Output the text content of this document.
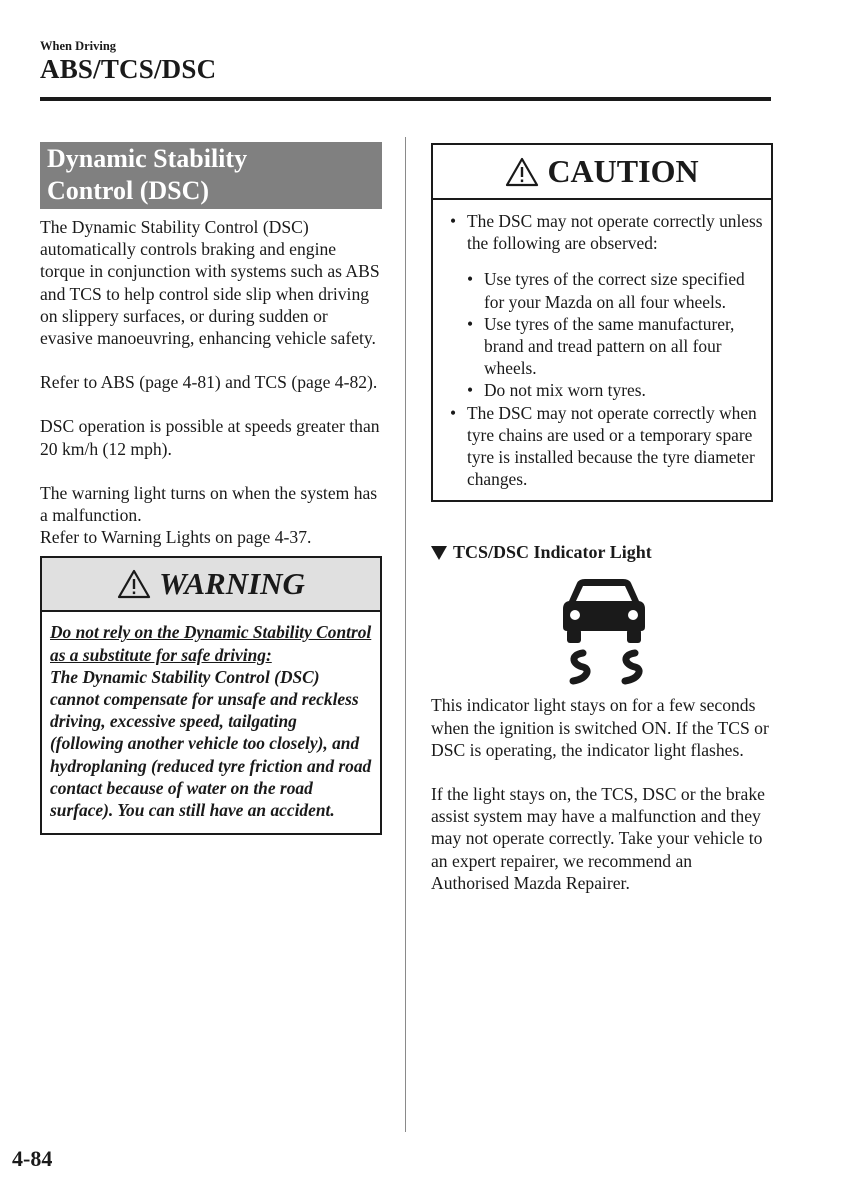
When Driving
ABS/TCS/DSC
Dynamic Stability
Control (DSC)

The Dynamic Stability Control (DSC) automatically controls braking and engine torque in conjunction with systems such as ABS and TCS to help control side slip when driving on slippery surfaces, or during sudden or evasive manoeuvring, enhancing vehicle safety.

Refer to ABS (page 4-81) and TCS (page 4-82).

DSC operation is possible at speeds greater than 20 km/h (12 mph).

The warning light turns on when the system has a malfunction.

Refer to Warning Lights on page 4-37.

WARNING
Do not rely on the Dynamic Stability Control as a substitute for safe driving:
The Dynamic Stability Control (DSC) cannot compensate for unsafe and reckless driving, excessive speed, tailgating (following another vehicle too closely), and hydroplaning (reduced tyre friction and road contact because of water on the road surface). You can still have an accident.
CAUTION
• The DSC may not operate correctly unless the following are observed:
• Use tyres of the correct size specified for your Mazda on all four wheels.
• Use tyres of the same manufacturer, brand and tread pattern on all four wheels.
• Do not mix worn tyres.
• The DSC may not operate correctly when tyre chains are used or a temporary spare tyre is installed because the tyre diameter changes.
TCS/DSC Indicator Light

This indicator light stays on for a few seconds when the ignition is switched ON. If the TCS or DSC is operating, the indicator light flashes.

If the light stays on, the TCS, DSC or the brake assist system may have a malfunction and they may not operate correctly. Take your vehicle to an expert repairer, we recommend an Authorised Mazda Repairer.

4-84
